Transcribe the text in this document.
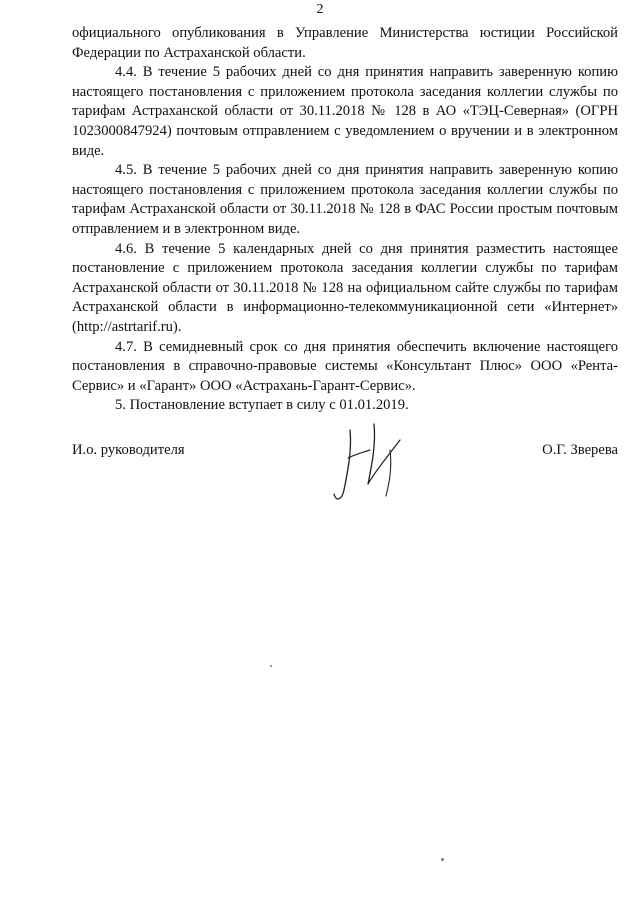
2

официального опубликования в Управление Министерства юстиции Российской Федерации по Астраханской области.

4.4. В течение 5 рабочих дней со дня принятия направить заверенную копию настоящего постановления с приложением протокола заседания коллегии службы по тарифам Астраханской области от 30.11.2018 № 128 в АО «ТЭЦ-Северная» (ОГРН 1023000847924) почтовым отправлением с уведомлением о вручении и в электронном виде.

4.5. В течение 5 рабочих дней со дня принятия направить заверенную копию настоящего постановления с приложением протокола заседания коллегии службы по тарифам Астраханской области от 30.11.2018 № 128 в ФАС России простым почтовым отправлением и в электронном виде.

4.6. В течение 5 календарных дней со дня принятия разместить настоящее постановление с приложением протокола заседания коллегии службы по тарифам Астраханской области от 30.11.2018 № 128 на официальном сайте службы по тарифам Астраханской области в информационно-телекоммуникационной сети «Интернет» (http://astrtarif.ru).

4.7. В семидневный срок со дня принятия обеспечить включение настоящего постановления в справочно-правовые системы «Консультант Плюс» ООО «Рента-Сервис» и «Гарант» ООО «Астрахань-Гарант-Сервис».

5. Постановление вступает в силу с 01.01.2019.

И.о. руководителя	О.Г. Зверева
